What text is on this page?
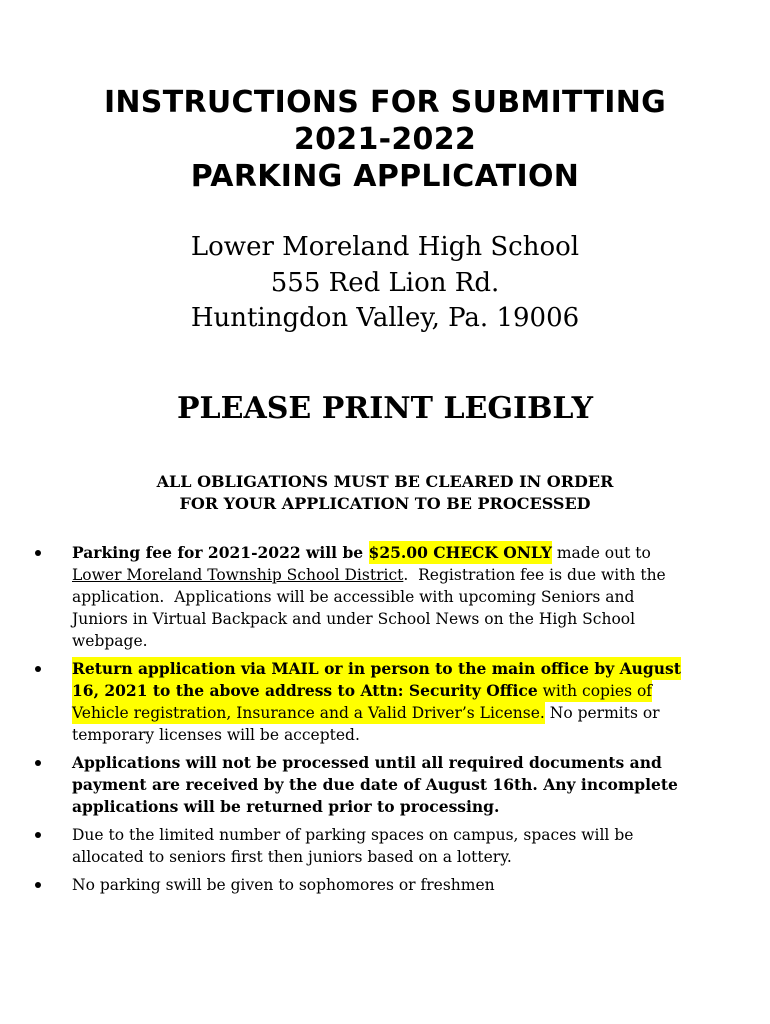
INSTRUCTIONS FOR SUBMITTING
2021-2022
PARKING APPLICATION
Lower Moreland High School
555 Red Lion Rd.
Huntingdon Valley, Pa. 19006
PLEASE PRINT LEGIBLY
ALL OBLIGATIONS MUST BE CLEARED IN ORDER
FOR YOUR APPLICATION TO BE PROCESSED
Parking fee for 2021-2022 will be $25.00 CHECK ONLY made out to
Lower Moreland Township School District.  Registration fee is due with the
application.  Applications will be accessible with upcoming Seniors and
Juniors in Virtual Backpack and under School News on the High School
webpage.
Return application via MAIL or in person to the main office by August
16, 2021 to the above address to Attn: Security Office with copies of
Vehicle registration, Insurance and a Valid Driver’s License. No permits or
temporary licenses will be accepted.
Applications will not be processed until all required documents and
payment are received by the due date of August 16th. Any incomplete
applications will be returned prior to processing.
Due to the limited number of parking spaces on campus, spaces will be
allocated to seniors first then juniors based on a lottery.
No parking swill be given to sophomores or freshmen
